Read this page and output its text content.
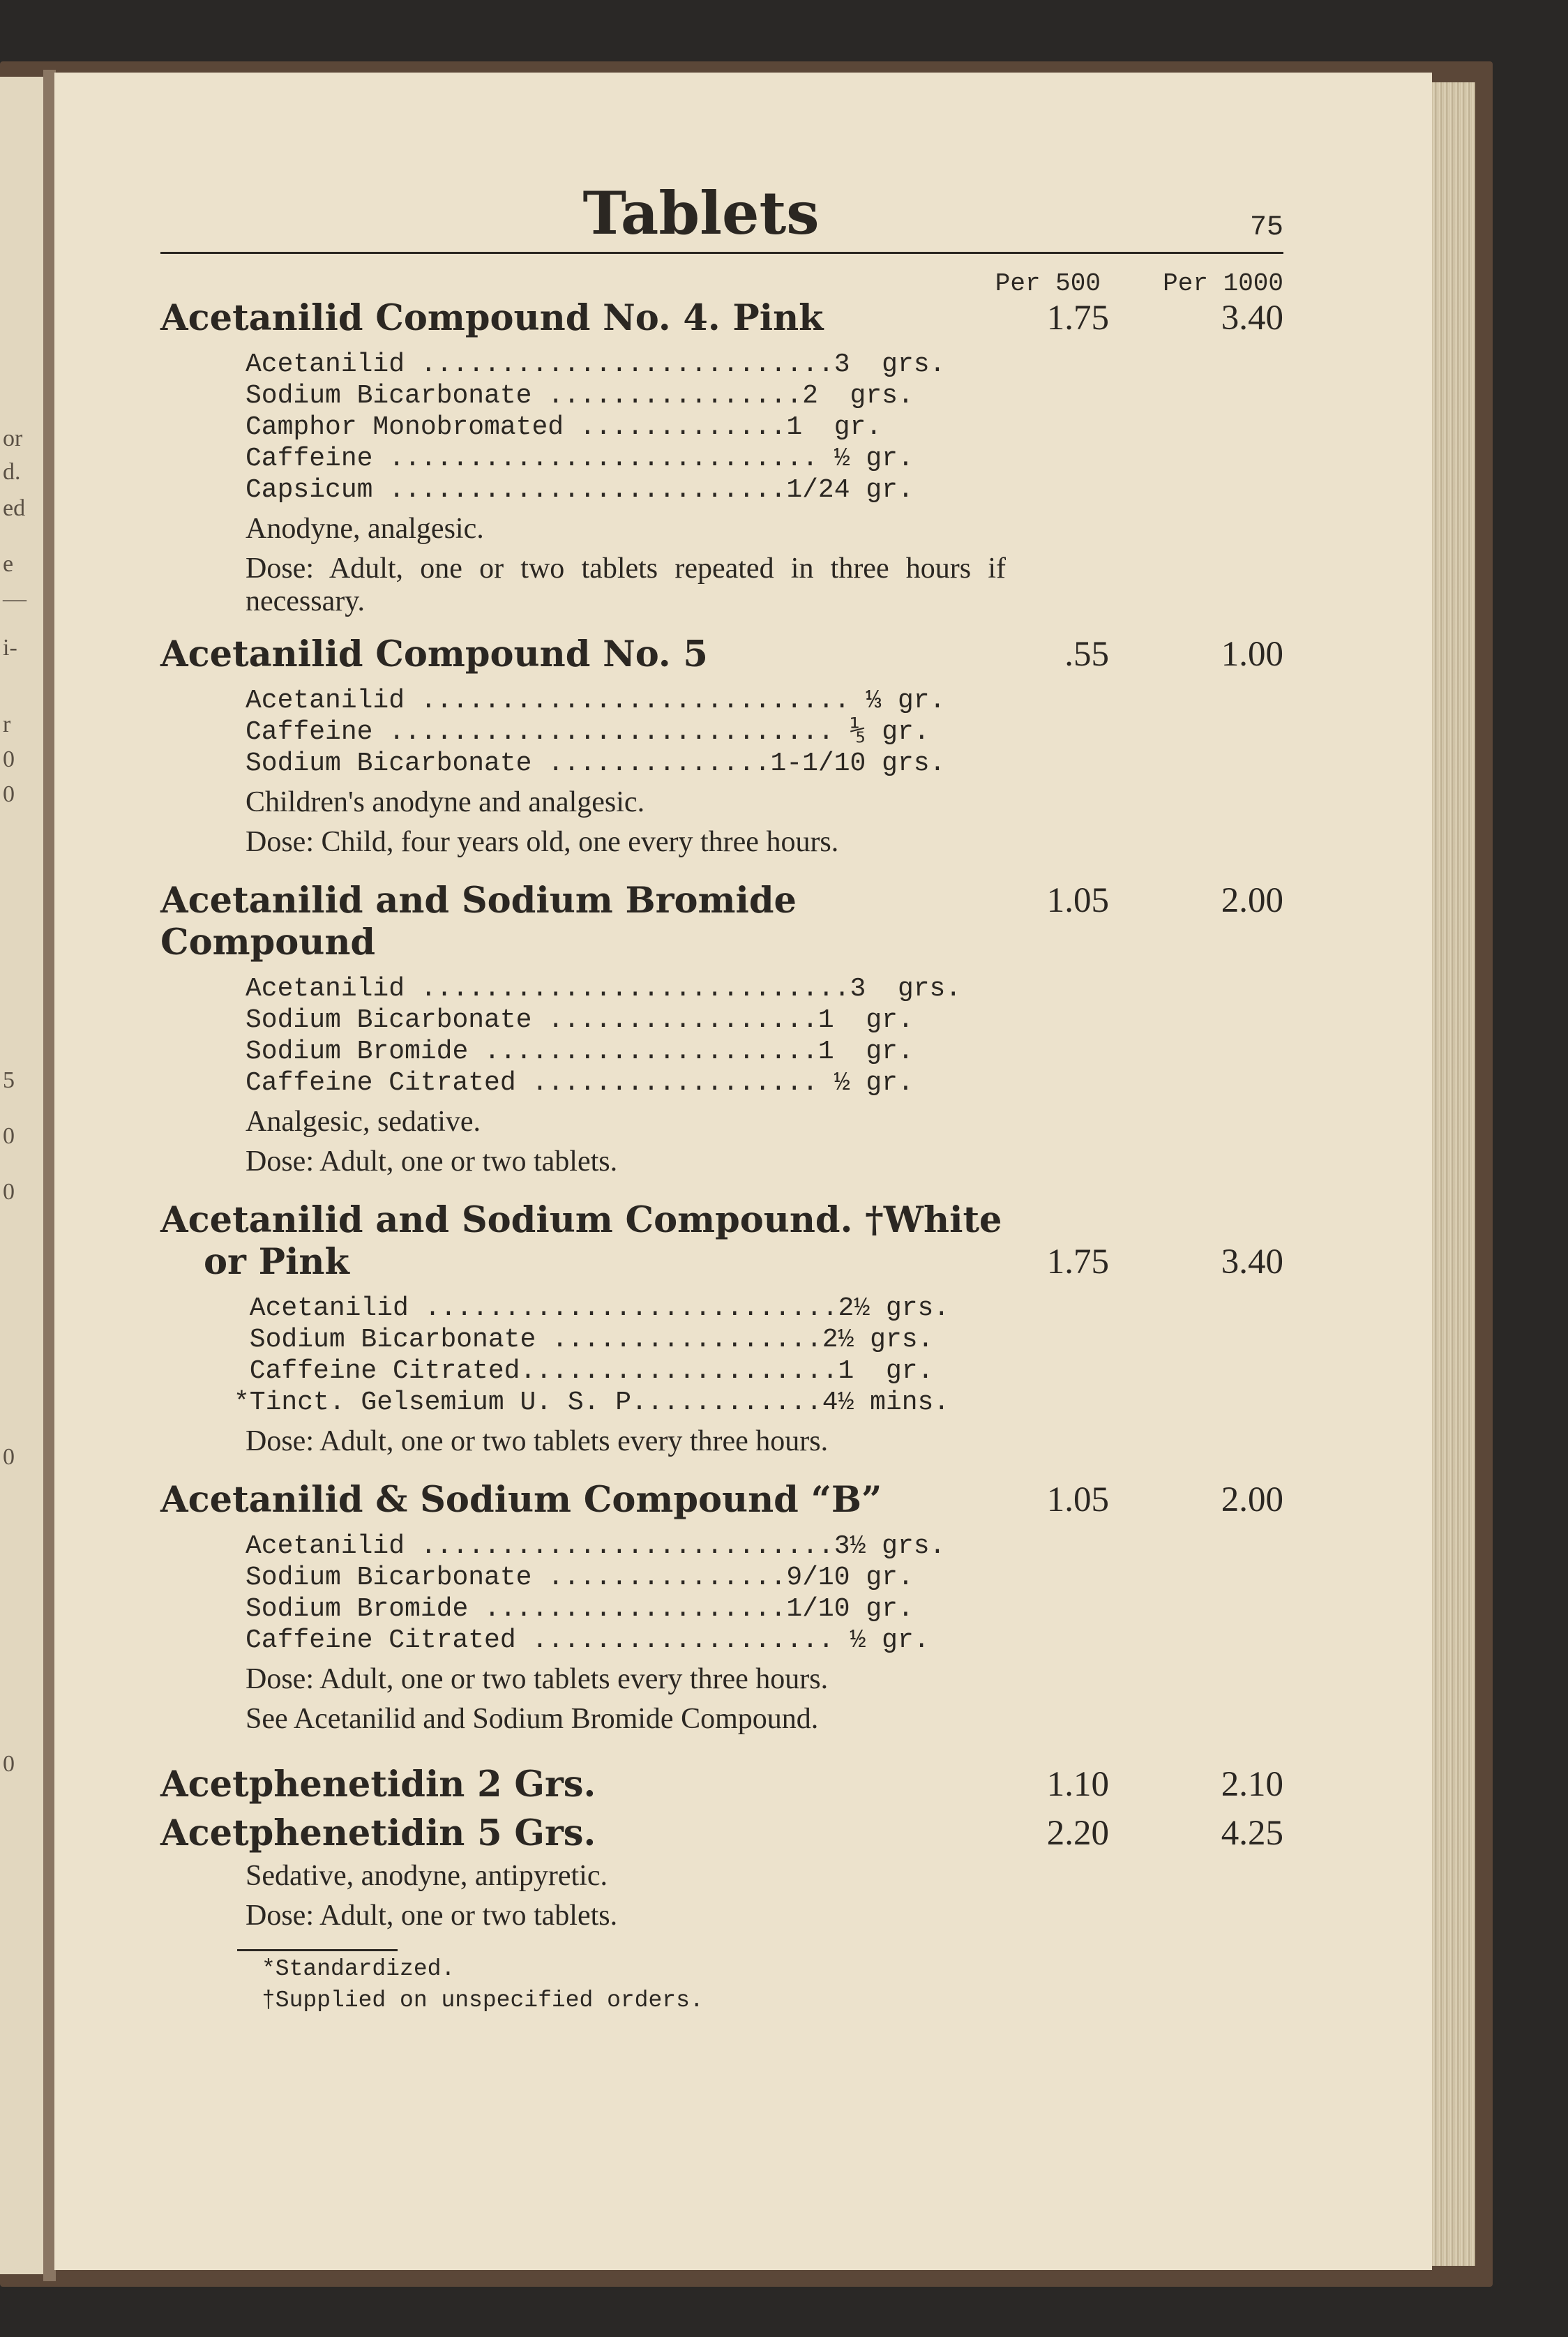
or
d.
ed
e
—
i-
r
0
0
5
0
0
0
0
Tablets	75
Per 500 Per 1000
Acetanilid Compound No. 4. Pink	1.75	3.40
Acetanilid ..........................3  grs.
Sodium Bicarbonate ................2  grs.
Camphor Monobromated .............1  gr.
Caffeine ........................... ½ gr.
Capsicum .........................1/24 gr.
Anodyne, analgesic.
Dose: Adult, one or two tablets repeated in three hours if necessary.
Acetanilid Compound No. 5	.55	1.00
Acetanilid ........................... ⅓ gr.
Caffeine ............................ ⅕ gr.
Sodium Bicarbonate ..............1-1/10 grs.
Children's anodyne and analgesic.
Dose: Child, four years old, one every three hours.
Acetanilid and Sodium Bromide Compound
1.05	2.00
Acetanilid ...........................3  grs.
Sodium Bicarbonate .................1  gr.
Sodium Bromide .....................1  gr.
Caffeine Citrated .................. ½ gr.
Analgesic, sedative.
Dose: Adult, one or two tablets.
Acetanilid and Sodium Compound. †White
or Pink	1.75	3.40
Acetanilid ..........................2½ grs.
Sodium Bicarbonate .................2½ grs.
Caffeine Citrated....................1  gr.
*Tinct. Gelsemium U. S. P............4½ mins.
Dose: Adult, one or two tablets every three hours.
Acetanilid & Sodium Compound “B”	1.05	2.00
Acetanilid ..........................3½ grs.
Sodium Bicarbonate ...............9/10 gr.
Sodium Bromide ...................1/10 gr.
Caffeine Citrated ................... ½ gr.
Dose: Adult, one or two tablets every three hours.
See Acetanilid and Sodium Bromide Compound.
Acetphenetidin 2 Grs.	1.10	2.10
Acetphenetidin 5 Grs.	2.20	4.25
Sedative, anodyne, antipyretic.
Dose: Adult, one or two tablets.
*Standardized.
†Supplied on unspecified orders.
